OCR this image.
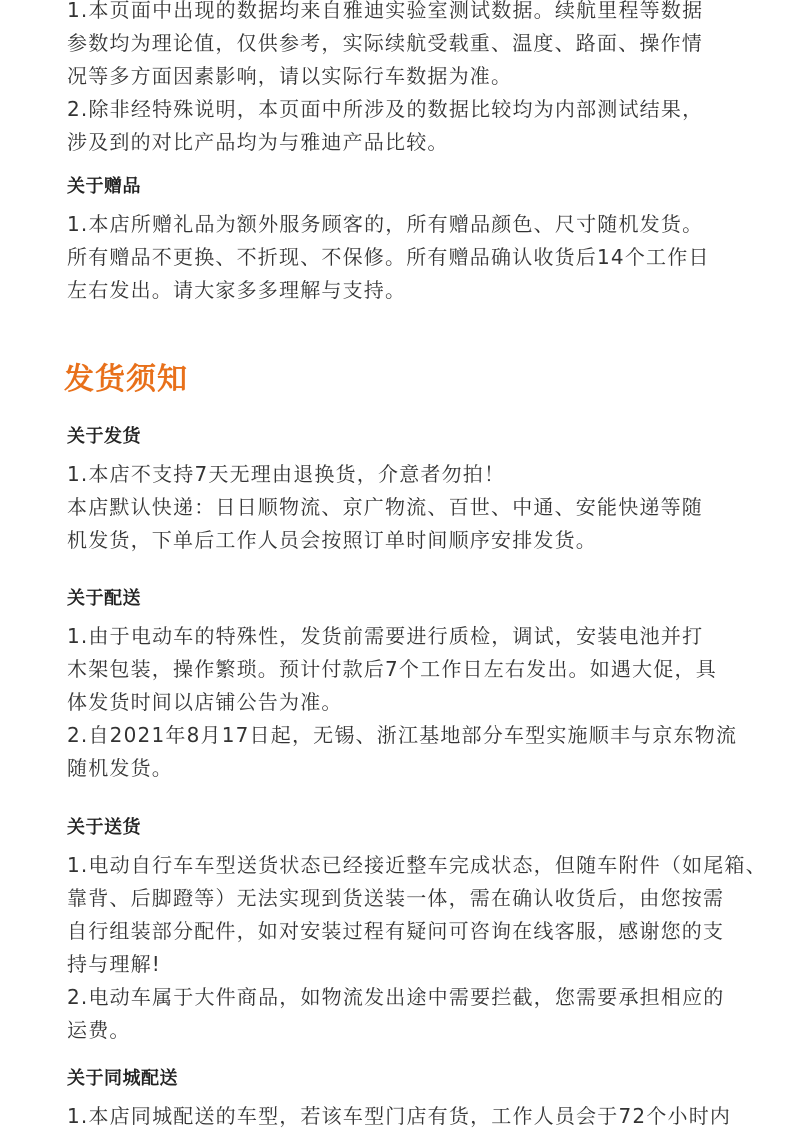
1.本页面中出现的数据均来自雅迪实验室测试数据。续航里程等数据
参数均为理论值，仅供参考，实际续航受载重、温度、路面、操作情
况等多方面因素影响，请以实际行车数据为准。
2.除非经特殊说明，本页面中所涉及的数据比较均为内部测试结果，
涉及到的对比产品均为与雅迪产品比较。

关于赠品

1.本店所赠礼品为额外服务顾客的，所有赠品颜色、尺寸随机发货。
所有赠品不更换、不折现、不保修。所有赠品确认收货后14个工作日
左右发出。请大家多多理解与支持。

发货须知
关于发货

1.本店不支持7天无理由退换货，介意者勿拍！
本店默认快递：日日顺物流、京广物流、百世、中通、安能快递等随
机发货，下单后工作人员会按照订单时间顺序安排发货。

关于配送

1.由于电动车的特殊性，发货前需要进行质检，调试，安装电池并打
木架包装，操作繁琐。预计付款后7个工作日左右发出。如遇大促，具
体发货时间以店铺公告为准。
2.自2021年8月17日起，无锡、浙江基地部分车型实施顺丰与京东物流
随机发货。

关于送货

1.电动自行车车型送货状态已经接近整车完成状态，但随车附件（如尾箱、
靠背、后脚蹬等）无法实现到货送装一体，需在确认收货后，由您按需
自行组装部分配件，如对安装过程有疑问可咨询在线客服，感谢您的支
持与理解!
2.电动车属于大件商品，如物流发出途中需要拦截，您需要承担相应的
运费。

关于同城配送

1.本店同城配送的车型，若该车型门店有货，工作人员会于72个小时内
